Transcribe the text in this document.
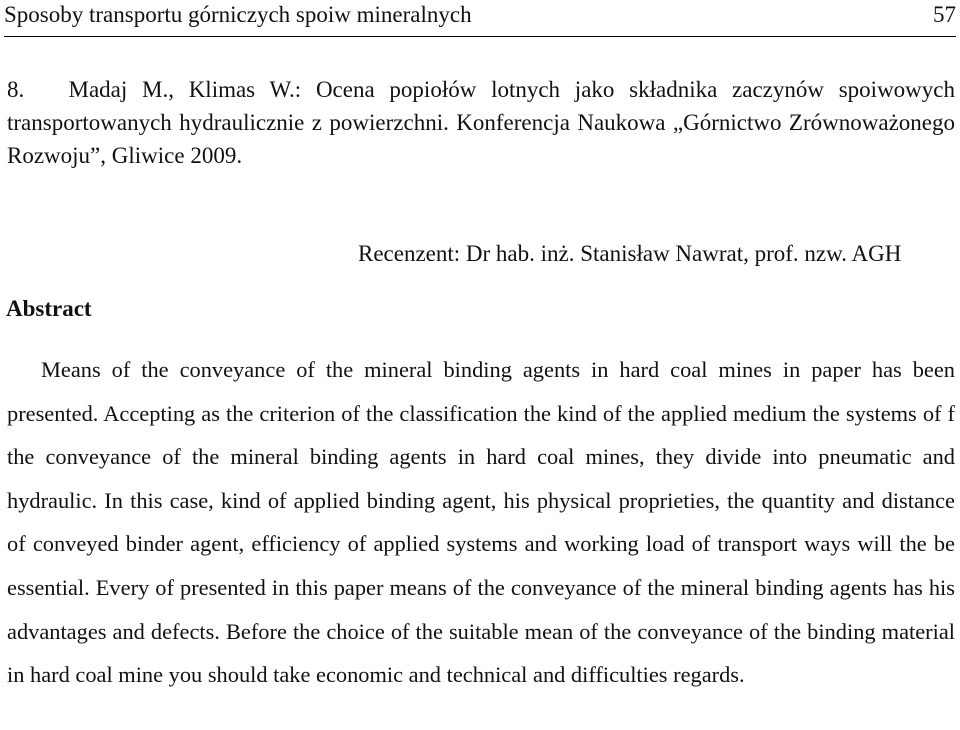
Sposoby transportu górniczych spoiw mineralnych	57

8.   Madaj M., Klimas W.: Ocena popiołów lotnych jako składnika zaczynów spoiwowych transportowanych hydraulicznie z powierzchni. Konferencja Naukowa „Górnictwo Zrównoważonego Rozwoju”, Gliwice 2009.

Recenzent: Dr hab. inż. Stanisław Nawrat, prof. nzw. AGH
Abstract

Means of the conveyance of the mineral binding agents in hard coal mines in paper has been presented. Accepting as the criterion of the classification the kind of the applied medium the systems of f the conveyance of the mineral binding agents in hard coal mines, they divide into pneumatic and hydraulic. In this case, kind of applied binding agent, his physical proprieties, the quantity and distance of conveyed binder agent, efficiency of applied systems and working load of transport ways will the be essential. Every of presented in this paper means of the conveyance of the mineral binding agents has his advantages and defects. Before the choice of the suitable mean of the conveyance of the binding material in hard coal mine you should take economic and technical and difficulties regards.
